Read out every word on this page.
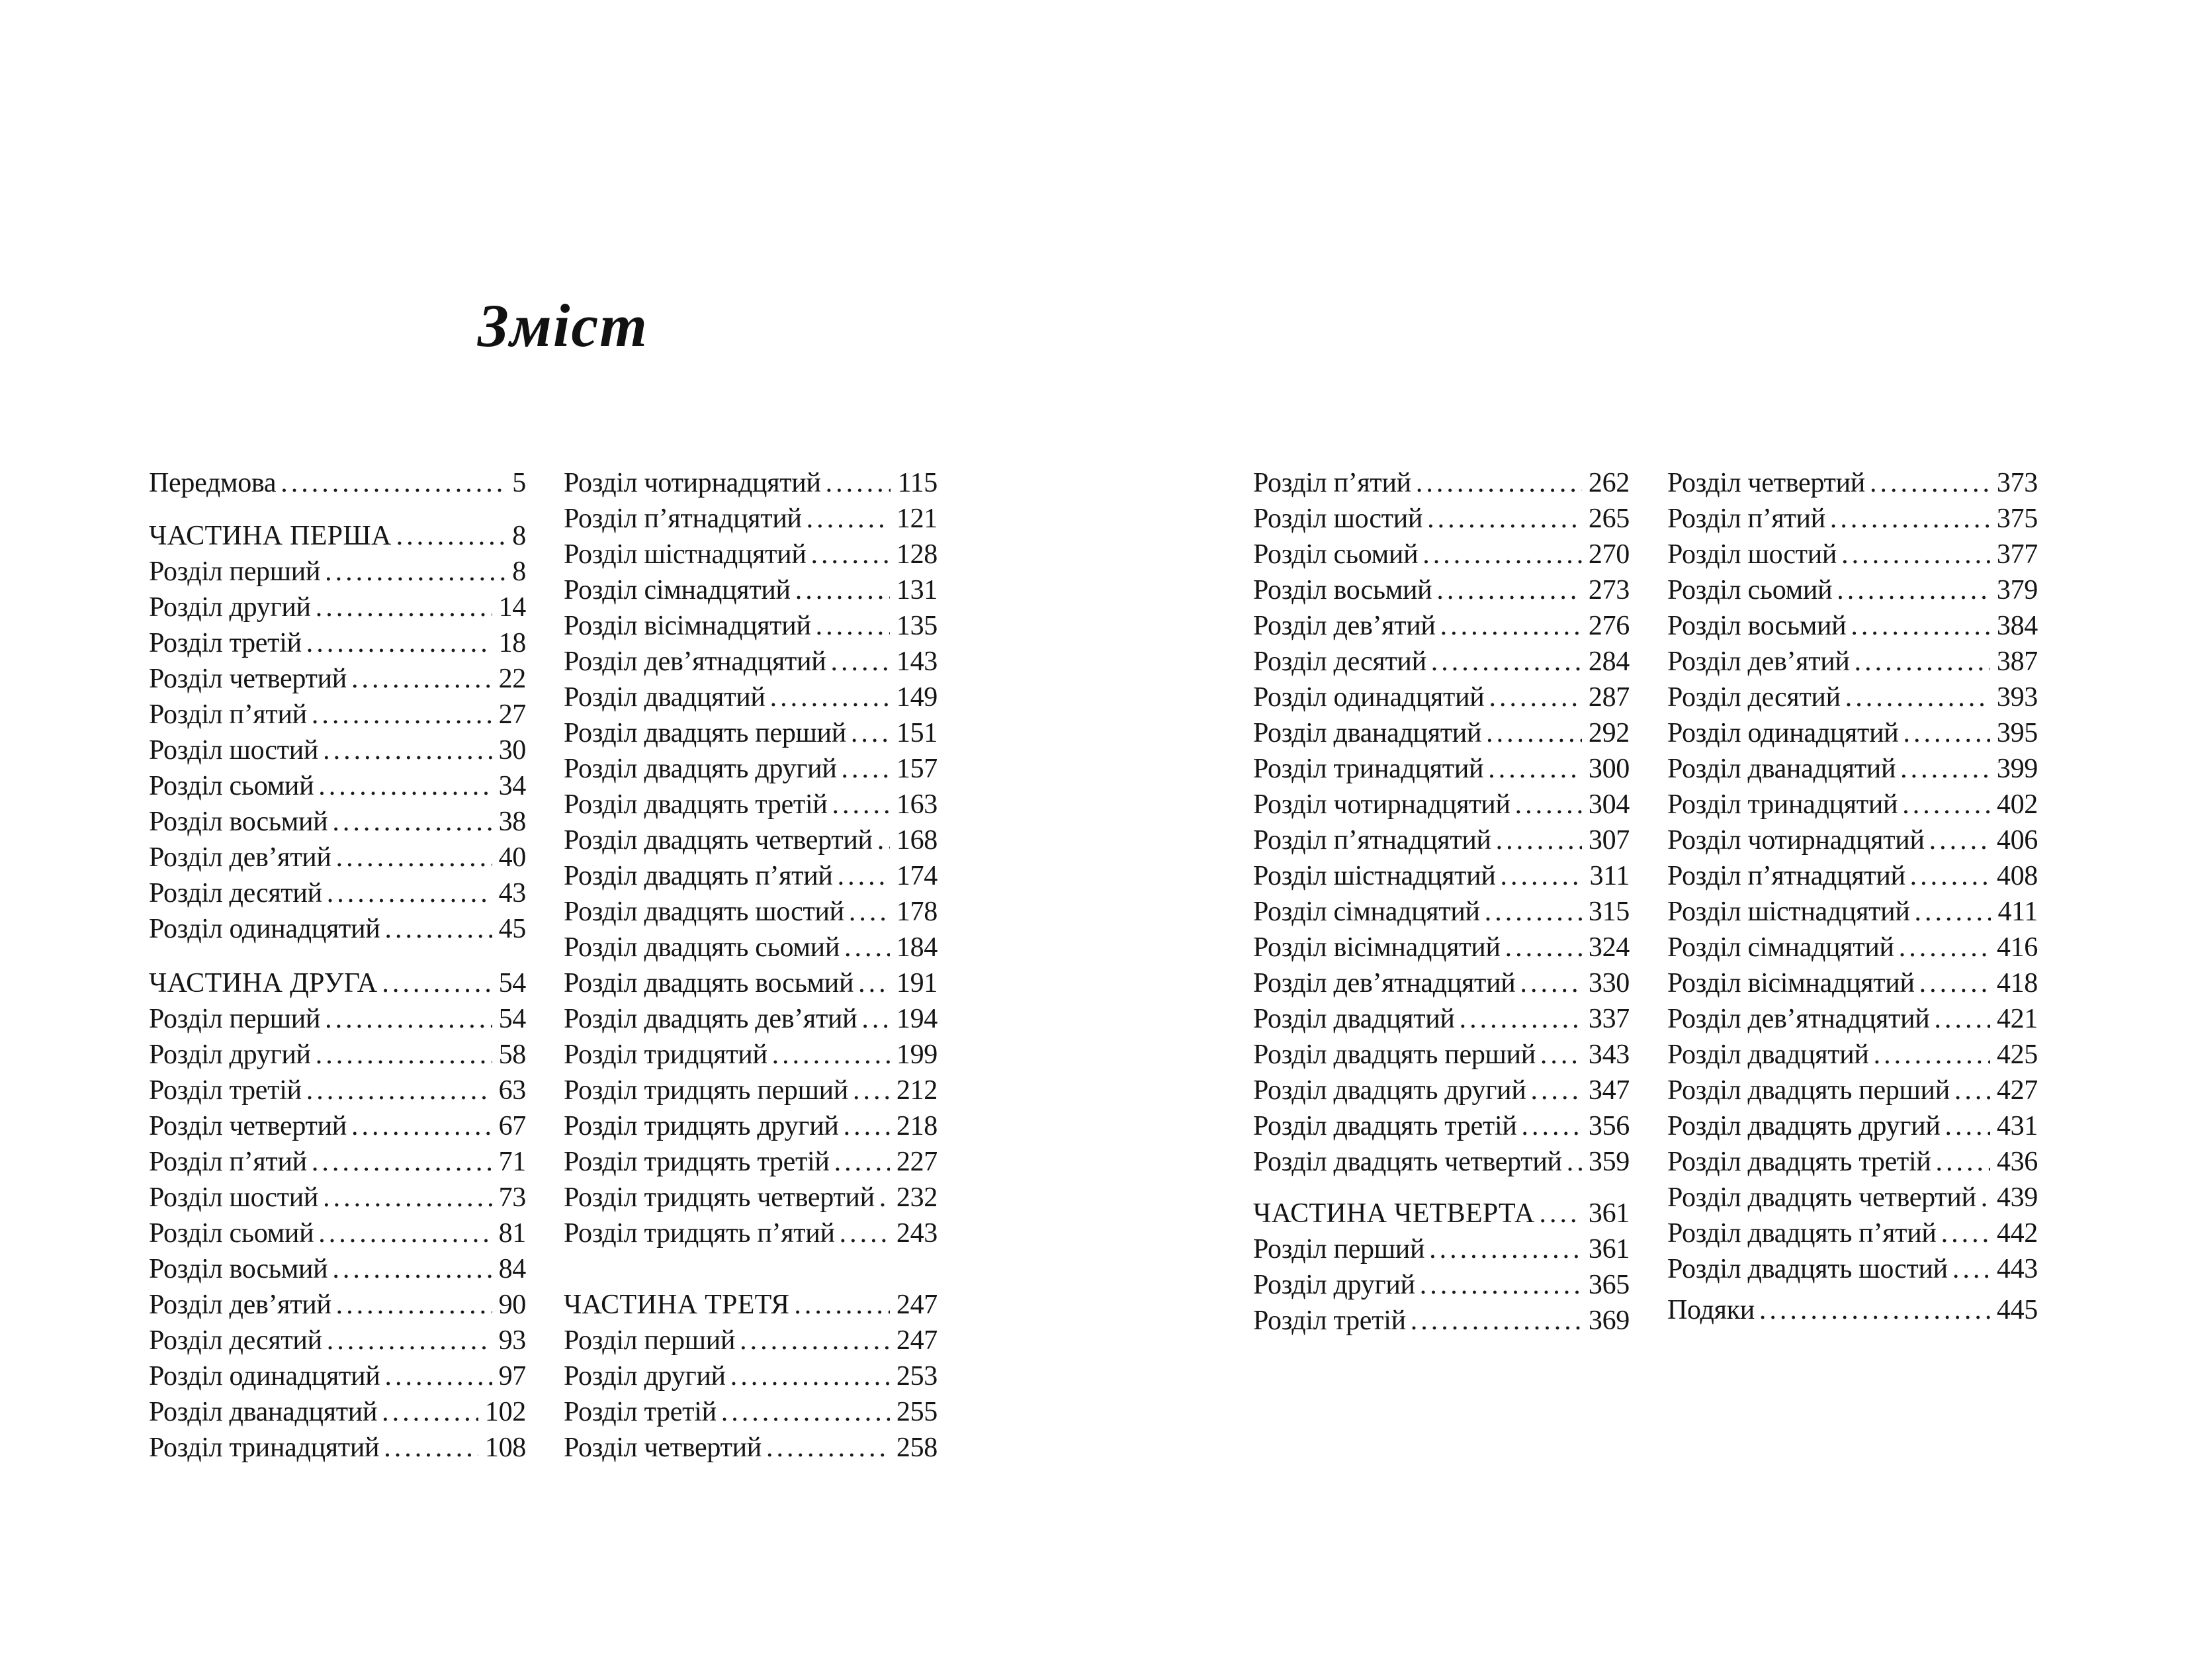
Зміст
Передмова .....	5
ЧАСТИНА ПЕРША .....	8
Розділ перший .....	8
Розділ другий .....	14
Розділ третій .....	18
Розділ четвертий .....	22
Розділ п’ятий .....	27
Розділ шостий .....	30
Розділ сьомий .....	34
Розділ восьмий .....	38
Розділ дев’ятий .....	40
Розділ десятий .....	43
Розділ одинадцятий .....	45
ЧАСТИНА ДРУГА .....	54
Розділ перший .....	54
Розділ другий .....	58
Розділ третій .....	63
Розділ четвертий .....	67
Розділ п’ятий .....	71
Розділ шостий .....	73
Розділ сьомий .....	81
Розділ восьмий .....	84
Розділ дев’ятий .....	90
Розділ десятий .....	93
Розділ одинадцятий .....	97
Розділ дванадцятий .....	102
Розділ тринадцятий .....	108
Розділ чотирнадцятий .....	115
Розділ п’ятнадцятий .....	121
Розділ шістнадцятий .....	128
Розділ сімнадцятий .....	131
Розділ вісімнадцятий .....	135
Розділ дев’ятнадцятий .....	143
Розділ двадцятий .....	149
Розділ двадцять перший ..... 151
Розділ двадцять другий ..... 157
Розділ двадцять третій ..... 163
Розділ двадцять четвертий ..... 168
Розділ двадцять п’ятий ..... 174
Розділ двадцять шостий ..... 178
Розділ двадцять сьомий ..... 184
Розділ двадцять восьмий ..... 191
Розділ двадцять дев’ятий ..... 194
Розділ тридцятий .....	199
Розділ тридцять перший ..... 212
Розділ тридцять другий ..... 218
Розділ тридцять третій ..... 227
Розділ тридцять четвертий ..... 232
Розділ тридцять п’ятий ..... 243
ЧАСТИНА ТРЕТЯ .....	247
Розділ перший .....	247
Розділ другий .....	253
Розділ третій .....	255
Розділ четвертий .....	258
Розділ п’ятий .....	262
Розділ шостий .....	265
Розділ сьомий .....	270
Розділ восьмий .....	273
Розділ дев’ятий .....	276
Розділ десятий .....	284
Розділ одинадцятий .....	287
Розділ дванадцятий .....	292
Розділ тринадцятий .....	300
Розділ чотирнадцятий .....	304
Розділ п’ятнадцятий .....	307
Розділ шістнадцятий .....	311
Розділ сімнадцятий .....	315
Розділ вісімнадцятий .....	324
Розділ дев’ятнадцятий .....	330
Розділ двадцятий .....	337
Розділ двадцять перший ..... 343
Розділ двадцять другий ..... 347
Розділ двадцять третій .....	356
Розділ двадцять четвертий ..... 359
ЧАСТИНА ЧЕТВЕРТА ..... 361
Розділ перший .....	361
Розділ другий .....	365
Розділ третій .....	369
Розділ четвертий .....	373
Розділ п’ятий .....	375
Розділ шостий .....	377
Розділ сьомий .....	379
Розділ восьмий .....	384
Розділ дев’ятий .....	387
Розділ десятий .....	393
Розділ одинадцятий .....	395
Розділ дванадцятий .....	399
Розділ тринадцятий .....	402
Розділ чотирнадцятий .....	406
Розділ п’ятнадцятий .....	408
Розділ шістнадцятий .....	411
Розділ сімнадцятий .....	416
Розділ вісімнадцятий .....	418
Розділ дев’ятнадцятий ..... 421
Розділ двадцятий .....	425
Розділ двадцять перший ..... 427
Розділ двадцять другий ..... 431
Розділ двадцять третій ..... 436
Розділ двадцять четвертий ..... 439
Розділ двадцять п’ятий ..... 442
Розділ двадцять шостий ..... 443
Подяки .....	445
